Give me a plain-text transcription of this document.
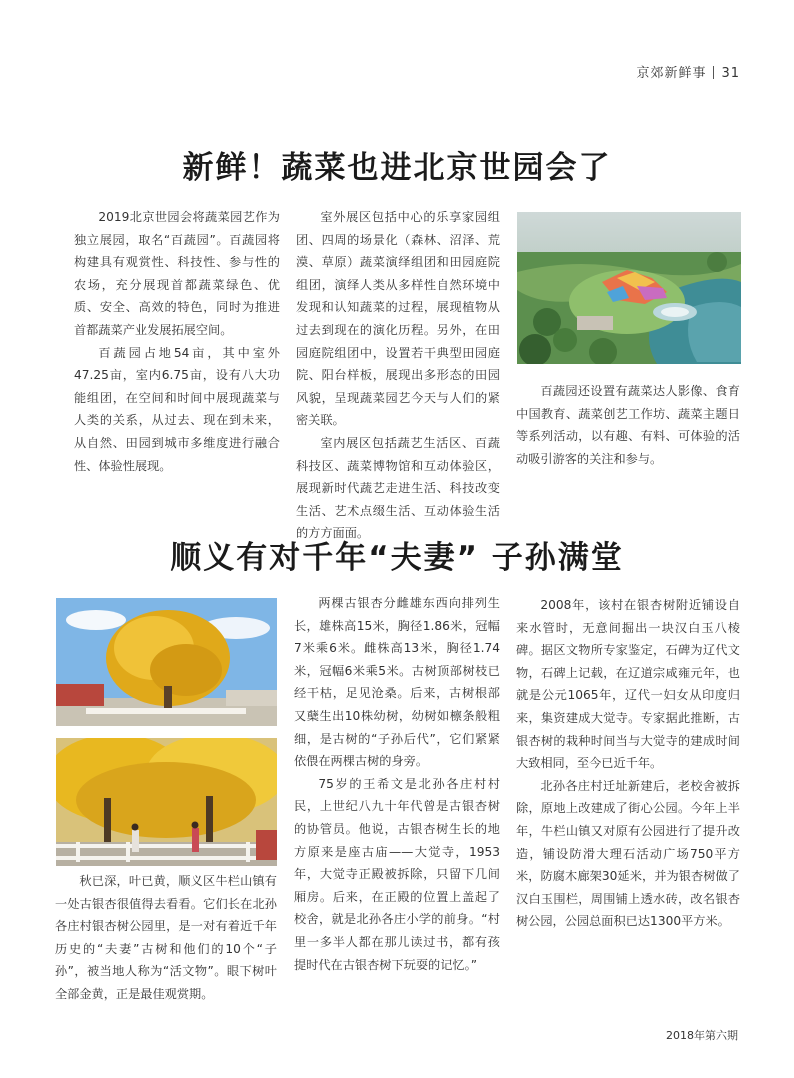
京郊新鲜事 31
新鲜！蔬菜也进北京世园会了

2019北京世园会将蔬菜园艺作为独立展园，取名“百蔬园”。百蔬园将构建具有观赏性、科技性、参与性的农场，充分展现首都蔬菜绿色、优质、安全、高效的特色，同时为推进首都蔬菜产业发展拓展空间。

百蔬园占地54亩，其中室外47.25亩，室内6.75亩，设有八大功能组团，在空间和时间中展现蔬菜与人类的关系，从过去、现在到未来，从自然、田园到城市多维度进行融合性、体验性展现。

室外展区包括中心的乐享家园组团、四周的场景化（森林、沼泽、荒漠、草原）蔬菜演绎组团和田园庭院组团，演绎人类从多样性自然环境中发现和认知蔬菜的过程，展现植物从过去到现在的演化历程。另外，在田园庭院组团中，设置若干典型田园庭院、阳台样板，展现出多形态的田园风貌，呈现蔬菜园艺今天与人们的紧密关联。

室内展区包括蔬艺生活区、百蔬科技区、蔬菜博物馆和互动体验区，展现新时代蔬艺走进生活、科技改变生活、艺术点缀生活、互动体验生活的方方面面。

百蔬园还设置有蔬菜达人影像、食育中国教育、蔬菜创艺工作坊、蔬菜主题日等系列活动，以有趣、有料、可体验的活动吸引游客的关注和参与。

顺义有对千年“夫妻” 子孙满堂

秋已深，叶已黄，顺义区牛栏山镇有一处古银杏很值得去看看。它们长在北孙各庄村银杏树公园里，是一对有着近千年历史的“夫妻”古树和他们的10个“子孙”，被当地人称为“活文物”。眼下树叶全部金黄，正是最佳观赏期。

两棵古银杏分雌雄东西向排列生长，雄株高15米，胸径1.86米，冠幅7米乘6米。雌株高13米，胸径1.74米，冠幅6米乘5米。古树顶部树枝已经干枯，足见沧桑。后来，古树根部又蘖生出10株幼树，幼树如檩条般粗细，是古树的“子孙后代”，它们紧紧依偎在两棵古树的身旁。

75岁的王希文是北孙各庄村村民，上世纪八九十年代曾是古银杏树的协管员。他说，古银杏树生长的地方原来是座古庙——大觉寺，1953年，大觉寺正殿被拆除，只留下几间厢房。后来，在正殿的位置上盖起了校舍，就是北孙各庄小学的前身。“村里一多半人都在那儿读过书，都有孩提时代在古银杏树下玩耍的记忆。”

2008年，该村在银杏树附近铺设自来水管时，无意间掘出一块汉白玉八棱碑。据区文物所专家鉴定，石碑为辽代文物，石碑上记载，在辽道宗咸雍元年，也就是公元1065年，辽代一妇女从印度归来，集资建成大觉寺。专家据此推断，古银杏树的栽种时间当与大觉寺的建成时间大致相同，至今已近千年。

北孙各庄村迁址新建后，老校舍被拆除，原地上改建成了街心公园。今年上半年，牛栏山镇又对原有公园进行了提升改造，铺设防滑大理石活动广场750平方米，防腐木廊架30延米，并为银杏树做了汉白玉围栏，周围铺上透水砖，改名银杏树公园，公园总面积已达1300平方米。

2018年第六期
